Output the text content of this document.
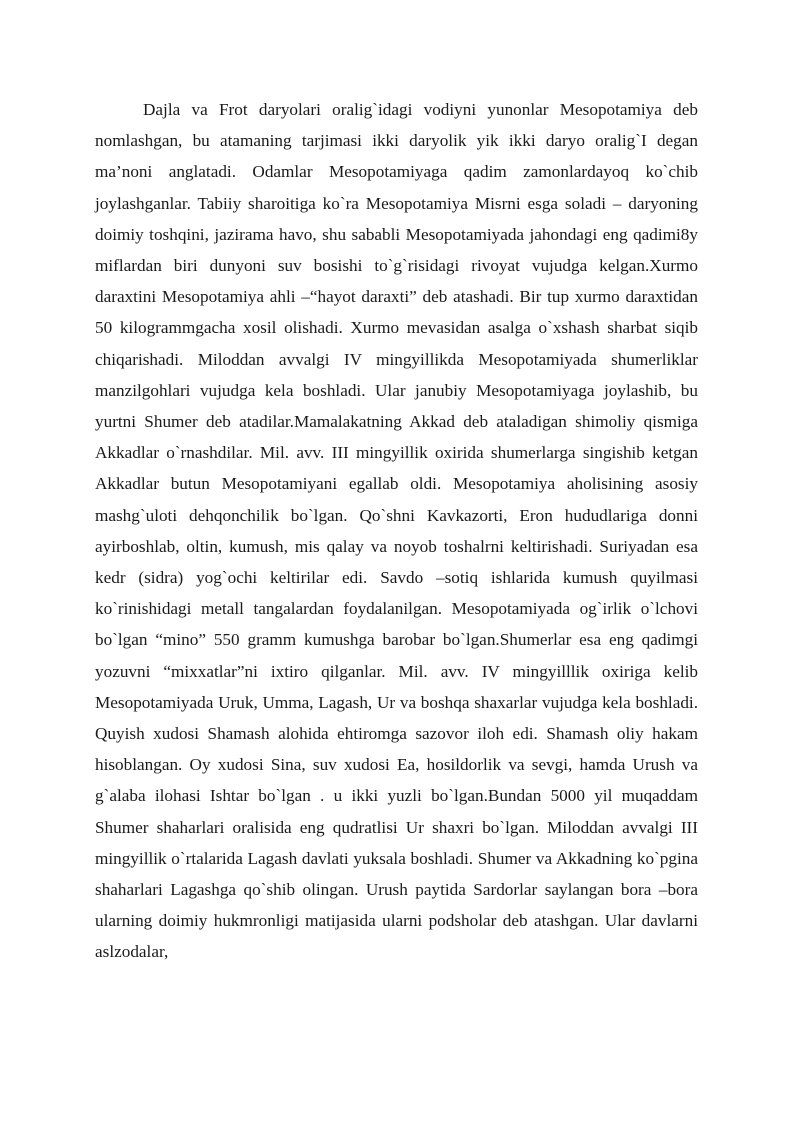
Dajla va Frot daryolari oralig`idagi vodiyni yunonlar Mesopotamiya deb nomlashgan, bu atamaning tarjimasi ikki daryolik yik ikki daryo oralig`I degan ma’noni anglatadi. Odamlar Mesopotamiyaga qadim zamonlardayoq ko`chib joylashganlar. Tabiiy sharoitiga ko`ra Mesopotamiya Misrni esga soladi – daryoning doimiy toshqini, jazirama havo, shu sababli Mesopotamiyada jahondagi eng qadimi8y miflardan biri dunyoni suv bosishi to`g`risidagi rivoyat vujudga kelgan.Xurmo daraxtini Mesopotamiya ahli –“hayot daraxti” deb atashadi. Bir tup xurmo daraxtidan 50 kilogrammgacha xosil olishadi. Xurmo mevasidan asalga o`xshash sharbat siqib chiqarishadi. Miloddan avvalgi IV mingyillikda Mesopotamiyada shumerliklar manzilgohlari vujudga kela boshladi. Ular janubiy Mesopotamiyaga joylashib, bu yurtni Shumer deb atadilar.Mamalakatning Akkad deb ataladigan shimoliy qismiga Akkadlar o`rnashdilar. Mil. avv. III mingyillik oxirida shumerlarga singishib ketgan Akkadlar butun Mesopotamiyani egallab oldi. Mesopotamiya aholisining asosiy mashg`uloti dehqonchilik bo`lgan. Qo`shni Kavkazorti, Eron hududlariga donni ayirboshlab, oltin, kumush, mis qalay va noyob toshalrni keltirishadi. Suriyadan esa kedr (sidra) yog`ochi keltirilar edi. Savdo –sotiq ishlarida kumush quyilmasi ko`rinishidagi metall tangalardan foydalanilgan. Mesopotamiyada og`irlik o`lchovi bo`lgan “mino” 550 gramm kumushga barobar bo`lgan.Shumerlar esa eng qadimgi yozuvni “mixxatlar”ni ixtiro qilganlar. Mil. avv. IV mingyilllik oxiriga kelib Mesopotamiyada Uruk, Umma, Lagash, Ur va boshqa shaxarlar vujudga kela boshladi. Quyish xudosi Shamash alohida ehtiromga sazovor iloh edi. Shamash oliy hakam hisoblangan. Oy xudosi Sina, suv xudosi Ea, hosildorlik va sevgi, hamda Urush va g`alaba ilohasi Ishtar bo`lgan . u ikki yuzli bo`lgan.Bundan 5000 yil muqaddam Shumer shaharlari oralisida eng qudratlisi Ur shaxri bo`lgan. Miloddan avvalgi III mingyillik o`rtalarida Lagash davlati yuksala boshladi. Shumer va Akkadning ko`pgina shaharlari Lagashga qo`shib olingan. Urush paytida Sardorlar saylangan bora –bora ularning doimiy hukmronligi matijasida ularni podsholar deb atashgan. Ular davlarni aslzodalar,
